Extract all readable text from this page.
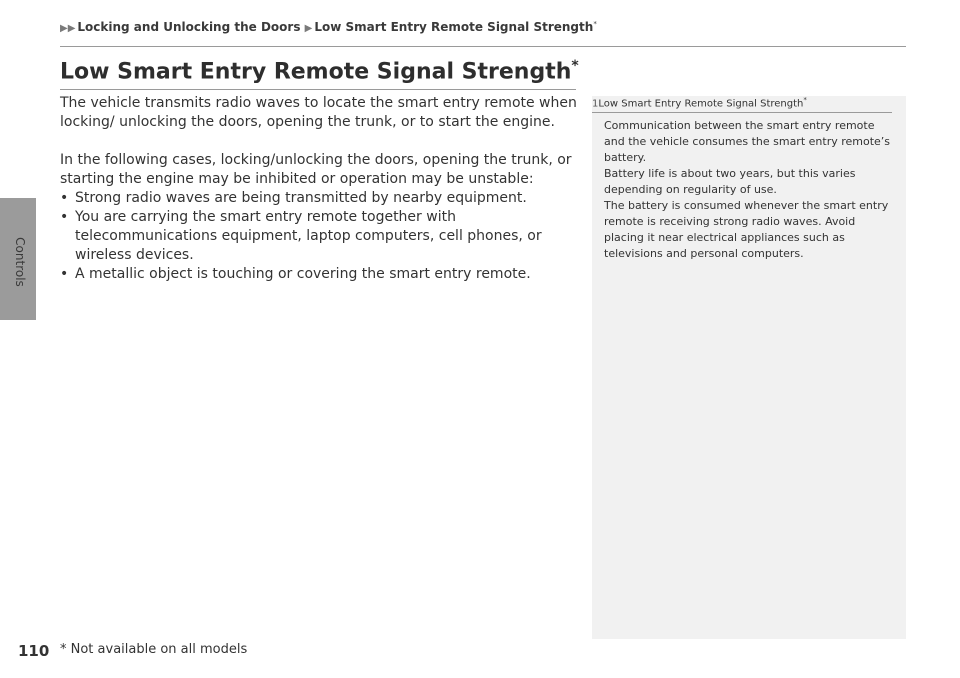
Controls
▶▶ Locking and Unlocking the Doors ▶ Low Smart Entry Remote Signal Strength*
Low Smart Entry Remote Signal Strength*

The vehicle transmits radio waves to locate the smart entry remote when locking/ unlocking the doors, opening the trunk, or to start the engine.

In the following cases, locking/unlocking the doors, opening the trunk, or starting the engine may be inhibited or operation may be unstable:

• Strong radio waves are being transmitted by nearby equipment.
• You are carrying the smart entry remote together with telecommunications equipment, laptop computers, cell phones, or wireless devices.
• A metallic object is touching or covering the smart entry remote.
1Low Smart Entry Remote Signal Strength*

Communication between the smart entry remote and the vehicle consumes the smart entry remote’s battery.

Battery life is about two years, but this varies depending on regularity of use.

The battery is consumed whenever the smart entry remote is receiving strong radio waves. Avoid placing it near electrical appliances such as televisions and personal computers.

110 * Not available on all models
